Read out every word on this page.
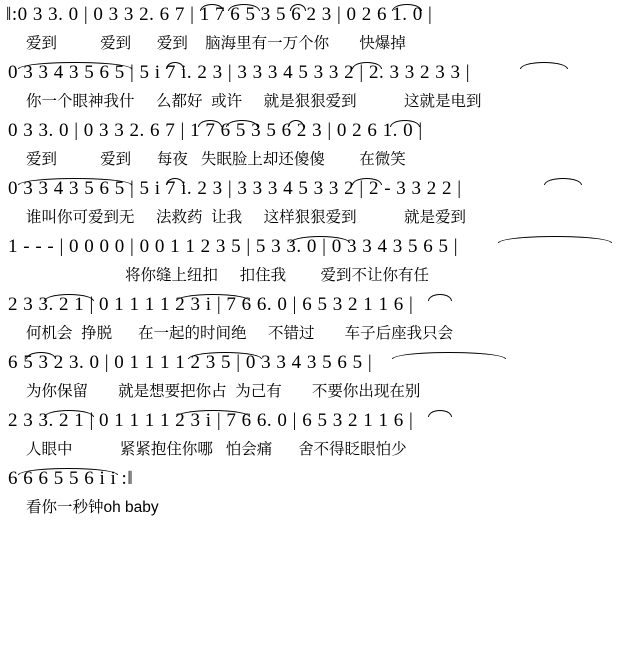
‖:0 3 3. 0 | 0 3 3 2. 6 7 | 1 7 6 5 3 5 6 2 3 | 0 2 6 1. 0 |
爱到          爱到      爱到    脑海里有一万个你       快爆掉
0 3 3 4 3 5 6 5 | 5 i 7 i. 2 3 | 3 3 3 4 5 3 3 2 | 2. 3 3 2 3 3 |
你一个眼神我什     么都好  或许     就是狠狠爱到           这就是电到
0 3 3. 0 | 0 3 3 2. 6 7 | 1 7 6 5 3 5 6 2 3 | 0 2 6 1. 0 |
爱到          爱到      每夜   失眠脸上却还傻傻        在微笑
0 3 3 4 3 5 6 5 | 5 i 7 i. 2 3 | 3 3 3 4 5 3 3 2 | 2 - 3 3 2 2 |
谁叫你可爱到无     法救药  让我     这样狠狠爱到           就是爱到
1 - - - | 0 0 0 0 | 0 0 1 1 2 3 5 | 5 3 3. 0 | 0 3 3 4 3 5 6 5 |
将你缝上纽扣     扣住我        爱到不让你有任
2 3 3. 2 1 | 0 1 1 1 1 2 3 i | 7 6 6. 0 | 6 5 3 2 1 1 6 |
何机会  挣脱      在一起的时间绝     不错过       车子后座我只会
6 5 3 2 3. 0 | 0 1 1 1 1 2 3 5 | 0 3 3 4 3 5 6 5 |
为你保留       就是想要把你占  为己有       不要你出现在别
2 3 3. 2 1 | 0 1 1 1 1 2 3 i | 7 6 6. 0 | 6 5 3 2 1 1 6 |
人眼中           紧紧抱住你哪   怕会痛      舍不得眨眼怕少
6 6 6 5 5 6 i i :‖
看你一秒钟oh baby
